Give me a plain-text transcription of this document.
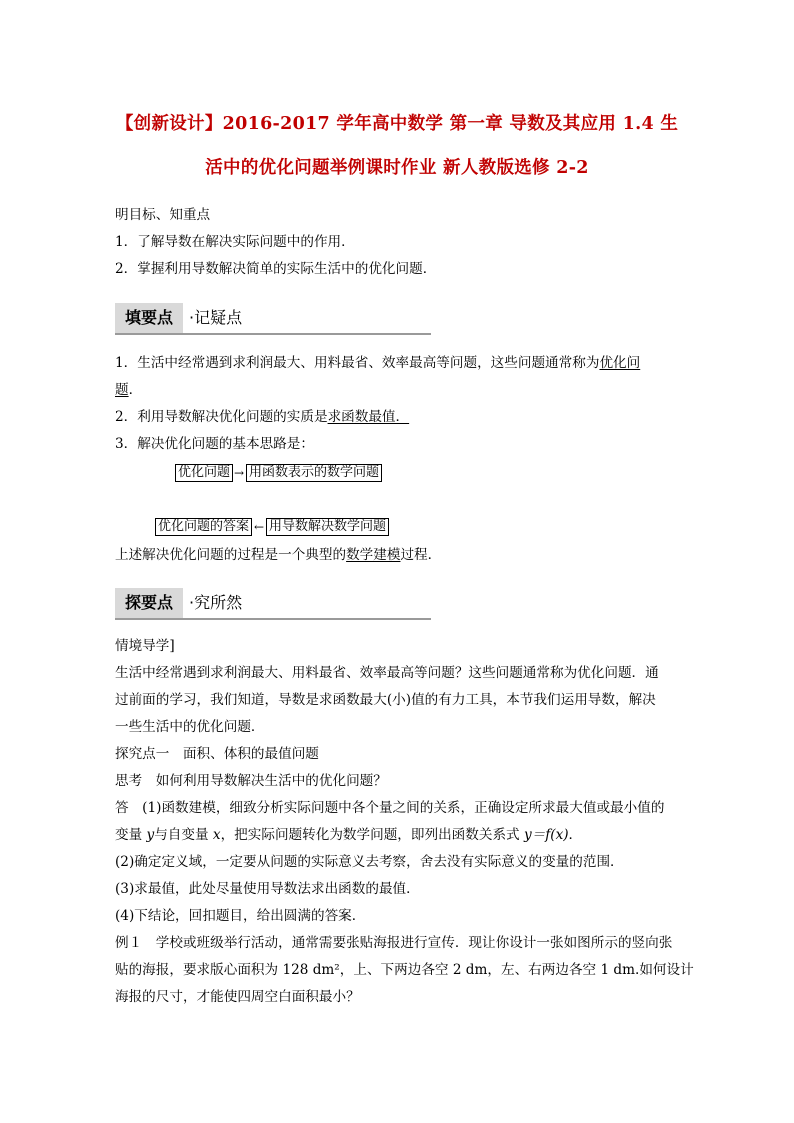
【创新设计】2016-2017 学年高中数学 第一章 导数及其应用 1.4 生
活中的优化问题举例课时作业 新人教版选修 2-2
明目标、知重点
1．了解导数在解决实际问题中的作用．
2．掌握利用导数解决简单的实际生活中的优化问题．
填要点	·记疑点
1．生活中经常遇到求利润最大、用料最省、效率最高等问题，这些问题通常称为优化问
题．
2．利用导数解决优化问题的实质是求函数最值．
3．解决优化问题的基本思路是：
优化问题 → 用函数表示的数学问题
优化问题的答案 ← 用导数解决数学问题
上述解决优化问题的过程是一个典型的数学建模过程．
探要点	·究所然
情境导学]
生活中经常遇到求利润最大、用料最省、效率最高等问题？这些问题通常称为优化问题．通
过前面的学习，我们知道，导数是求函数最大(小)值的有力工具，本节我们运用导数，解决
一些生活中的优化问题．
探究点一　面积、体积的最值问题
思考　如何利用导数解决生活中的优化问题？
答　(1)函数建模，细致分析实际问题中各个量之间的关系，正确设定所求最大值或最小值的
变量 y与自变量 x，把实际问题转化为数学问题，即列出函数关系式 y＝f(x)．
(2)确定定义域，一定要从问题的实际意义去考察，舍去没有实际意义的变量的范围．
(3)求最值，此处尽量使用导数法求出函数的最值．
(4)下结论，回扣题目，给出圆满的答案．
例１　学校或班级举行活动，通常需要张贴海报进行宣传．现让你设计一张如图所示的竖向张
贴的海报，要求版心面积为 128 dm²，上、下两边各空 2 dm，左、右两边各空 1 dm.如何设计
海报的尺寸，才能使四周空白面积最小？
